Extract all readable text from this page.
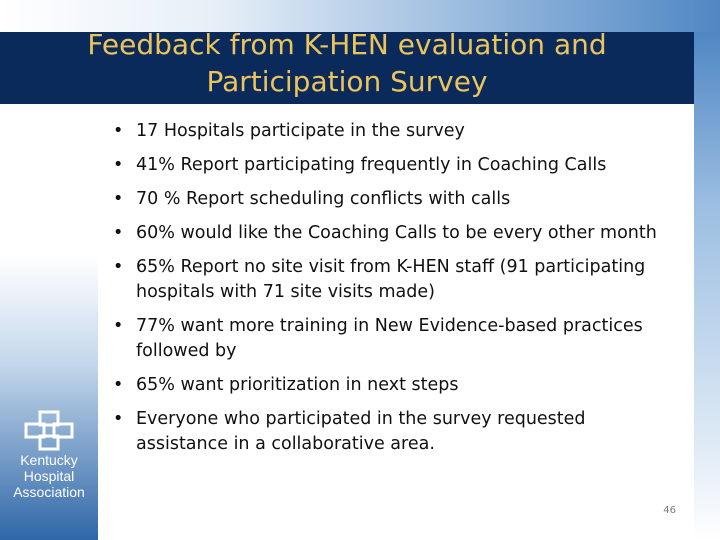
Feedback from K-HEN evaluation and Participation Survey
Kentucky
Hospital
Association
• 17 Hospitals participate in the survey
• 41% Report participating frequently in Coaching Calls
• 70 % Report scheduling conflicts with calls
• 60% would like the Coaching Calls to be every other month
• 65% Report no site visit from K-HEN staff (91 participating hospitals with 71 site visits made)
• 77% want more training in New Evidence-based practices followed by
• 65% want prioritization in next steps
• Everyone who participated in the survey requested assistance in a collaborative area.
46
